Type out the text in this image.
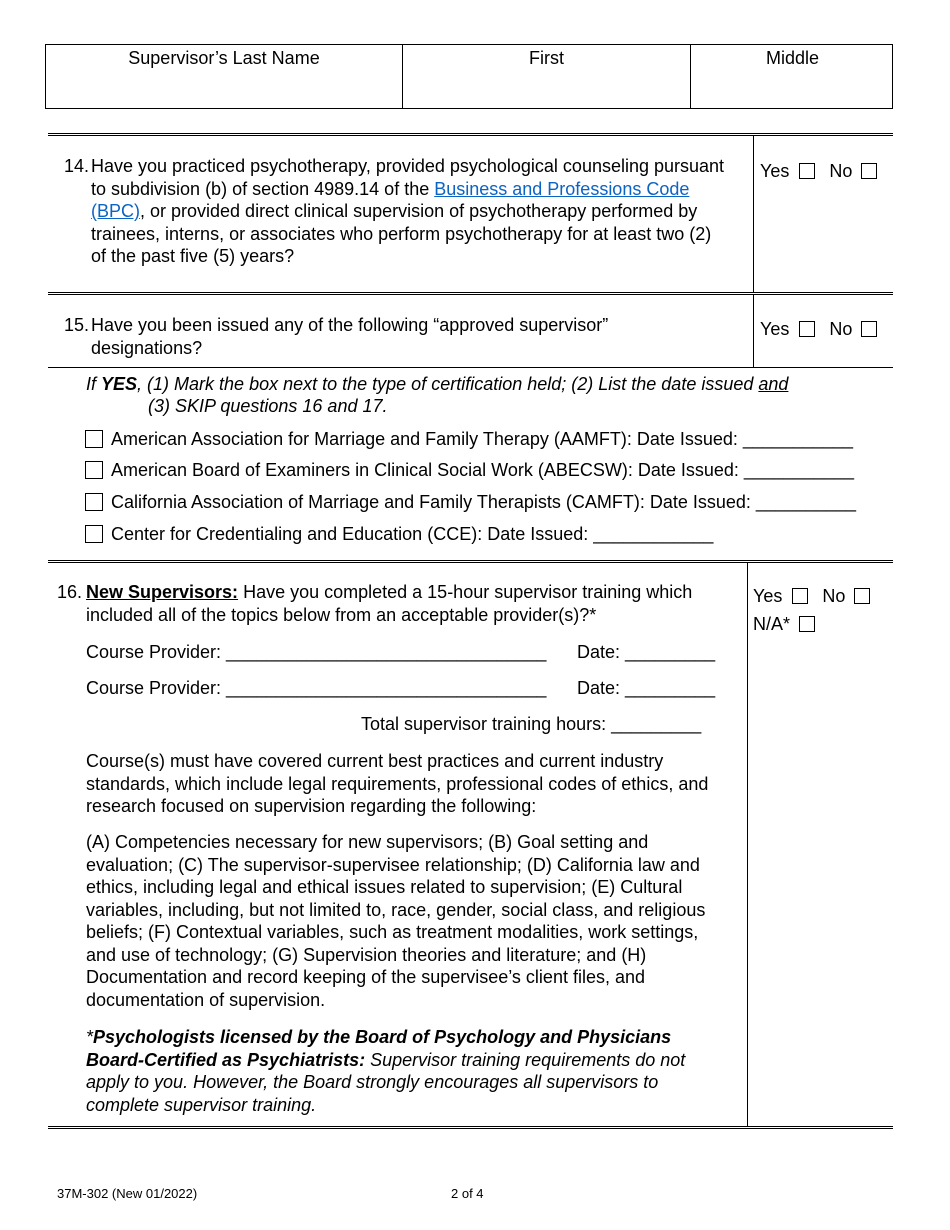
Supervisor’s Last Name	First	Middle
14. Have you practiced psychotherapy, provided psychological counseling pursuant to subdivision (b) of section 4989.14 of the Business and Professions Code (BPC), or provided direct clinical supervision of psychotherapy performed by trainees, interns, or associates who perform psychotherapy for at least two (2) of the past five (5) years?
Yes No
15. Have you been issued any of the following “approved supervisor” designations?
Yes No
If YES, (1) Mark the box next to the type of certification held; (2) List the date issued and
(3) SKIP questions 16 and 17.
American Association for Marriage and Family Therapy (AAMFT): Date Issued: ___________
American Board of Examiners in Clinical Social Work (ABECSW): Date Issued: ___________
California Association of Marriage and Family Therapists (CAMFT): Date Issued: __________
Center for Credentialing and Education (CCE): Date Issued: ____________
16. New Supervisors: Have you completed a 15-hour supervisor training which included all of the topics below from an acceptable provider(s)?*
Yes No
N/A*
Course Provider: ________________________________ Date: _________
Course Provider: ________________________________ Date: _________
Total supervisor training hours: _________
Course(s) must have covered current best practices and current industry standards, which include legal requirements, professional codes of ethics, and research focused on supervision regarding the following:
(A) Competencies necessary for new supervisors; (B) Goal setting and evaluation; (C) The supervisor-supervisee relationship; (D) California law and ethics, including legal and ethical issues related to supervision; (E) Cultural variables, including, but not limited to, race, gender, social class, and religious beliefs; (F) Contextual variables, such as treatment modalities, work settings, and use of technology; (G) Supervision theories and literature; and (H) Documentation and record keeping of the supervisee’s client files, and documentation of supervision.
*Psychologists licensed by the Board of Psychology and Physicians Board-Certified as Psychiatrists: Supervisor training requirements do not apply to you. However, the Board strongly encourages all supervisors to complete supervisor training.
37M-302 (New 01/2022)	2 of 4
